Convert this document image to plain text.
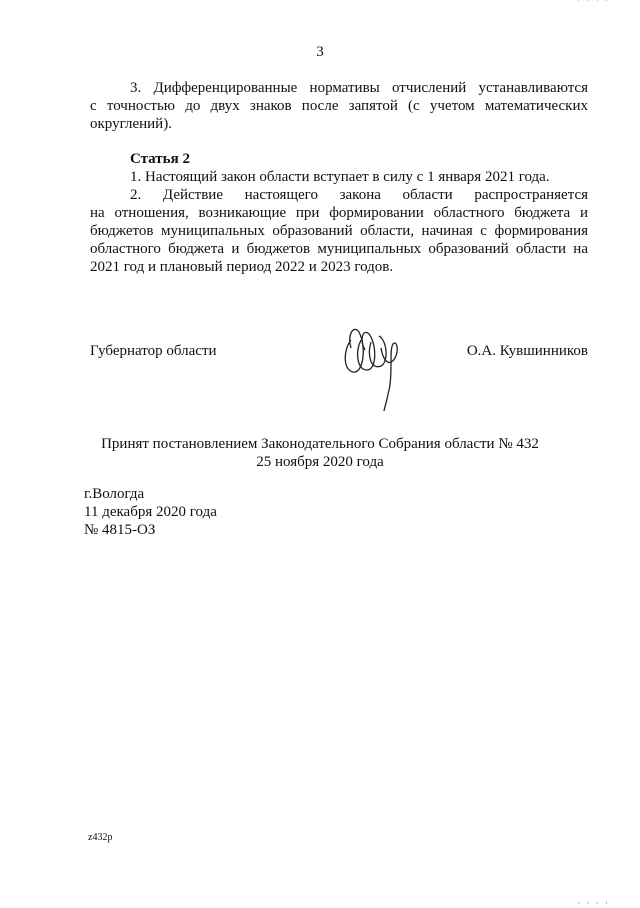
· · · ·
3

3. Дифференцированные нормативы отчислений устанавливаются

с точностью до двух знаков после запятой (с учетом математических округлений).

Статья 2

1. Настоящий закон области вступает в силу с 1 января 2021 года.

2. Действие настоящего закона области распространяется

на отношения, возникающие при формировании областного бюджета и бюджетов муниципальных образований области, начиная с формирования областного бюджета и бюджетов муниципальных образований области на 2021 год и плановый период 2022 и 2023 годов.

Губернатор области	О.А. Кувшинников
Принят постановлением Законодательного Собрания области № 432
25 ноября 2020 года
г.Вологда
11 декабря 2020 года
№ 4815-ОЗ
z432p
· · · ·
